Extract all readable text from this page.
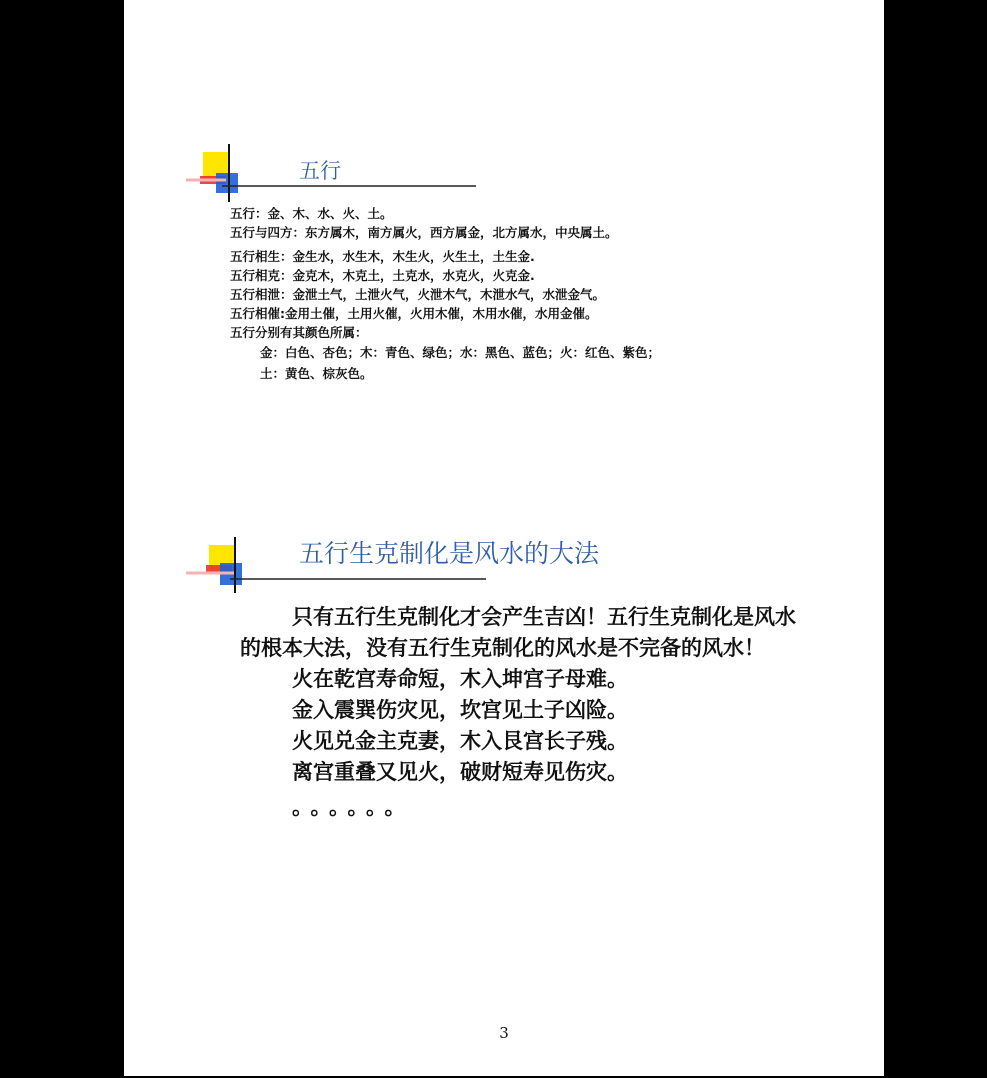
五行
五行：金、木、水、火、土。
五行与四方：东方属木，南方属火，西方属金，北方属水，中央属土。
五行相生：金生水，水生木，木生火，火生土，土生金.
五行相克：金克木，木克土，土克水，水克火，火克金.
五行相泄：金泄土气，土泄火气，火泄木气，木泄水气，水泄金气。
五行相催:金用土催，土用火催，火用木催，木用水催，水用金催。
五行分别有其颜色所属：
金：白色、杏色；木：青色、绿色；水：黑色、蓝色；火：红色、紫色；
土：黄色、棕灰色。
五行生克制化是风水的大法
只有五行生克制化才会产生吉凶！五行生克制化是风水的根本大法，没有五行生克制化的风水是不完备的风水！
火在乾宫寿命短，木入坤宫子母难。
金入震巽伤灾见，坎宫见土子凶险。
火见兑金主克妻，木入艮宫长子残。
离宫重叠又见火，破财短寿见伤灾。
。。。。。。
3
